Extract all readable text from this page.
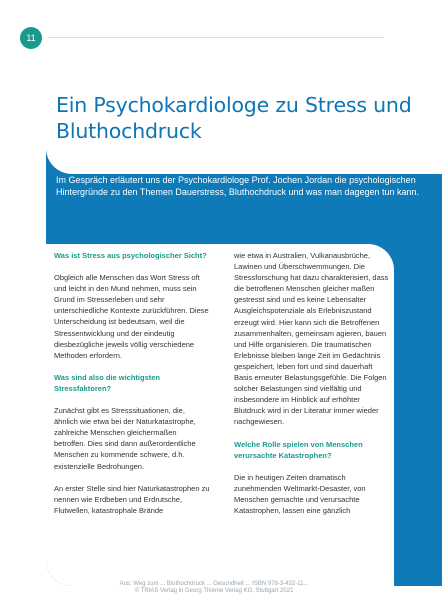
11
Ein Psychokardiologe zu Stress und Bluthochdruck

Im Gespräch erläutert uns der Psychokardiologe Prof. Jochen Jordan die psychologischen Hintergründe zu den Themen Dauerstress, Bluthochdruck und was man dagegen tun kann.

Was ist Stress aus psychologischer Sicht?

Obgleich alle Menschen das Wort Stress oft und leicht in den Mund nehmen, muss sein Grund im Stresserleben und sehr unterschiedliche Kontexte zurückführen. Diese Unterscheidung ist bedeutsam, weil die Stressentwicklung und der eindeutig diesbezügliche jeweils völlig verschiedene Methoden erfordern.

Was sind also die wichtigsten Stressfaktoren?

Zunächst gibt es Stresssituationen, die, ähnlich wie etwa bei der Naturkatastrophe, zahlreiche Menschen gleichermaßen betroffen. Dies sind dann außerordentliche Menschen zu kommende schwere, d.h. existenzielle Bedrohungen.

An erster Stelle sind hier Naturkatastrophen zu nennen wie Erdbeben und Erdrutsche, Flutwellen, katastrophale Brände

wie etwa in Australien, Vulkanausbrüche, Lawinen und Überschwemmungen. Die Stressforschung hat dazu charakterisiert, dass die betroffenen Menschen gleicher maßen gestresst sind und es keine Lebensalter Ausgleichspotenziale als Erlebniszustand erzeugt wird. Hier kann sich die Betroffenen zusammenhalten, gemeinsam agieren, bauen und Hilfe organisieren. Die traumatischen Erlebnisse bleiben lange Zeit im Gedächtnis gespeichert, leben fort und sind dauerhaft Basis erneuter Belastungsgefühle. Die Folgen solcher Belastungen sind vielfältig und insbesondere im Hinblick auf erhöhter Blutdruck wird in der Literatur immer wieder nachgewiesen.

Welche Rolle spielen von Menschen verursachte Katastrophen?

Die in heutigen Zeiten dramatisch zunehmenden Weltmarkt-Desaster, von Menschen gemachte und verursachte Katastrophen, lassen eine gänzlich

Aus: Weg zum ... Bluthochdruck ... Gesundheit ... ISBN 978-3-432-11...
© TRIAS Verlag in Georg Thieme Verlag KG, Stuttgart 2021
